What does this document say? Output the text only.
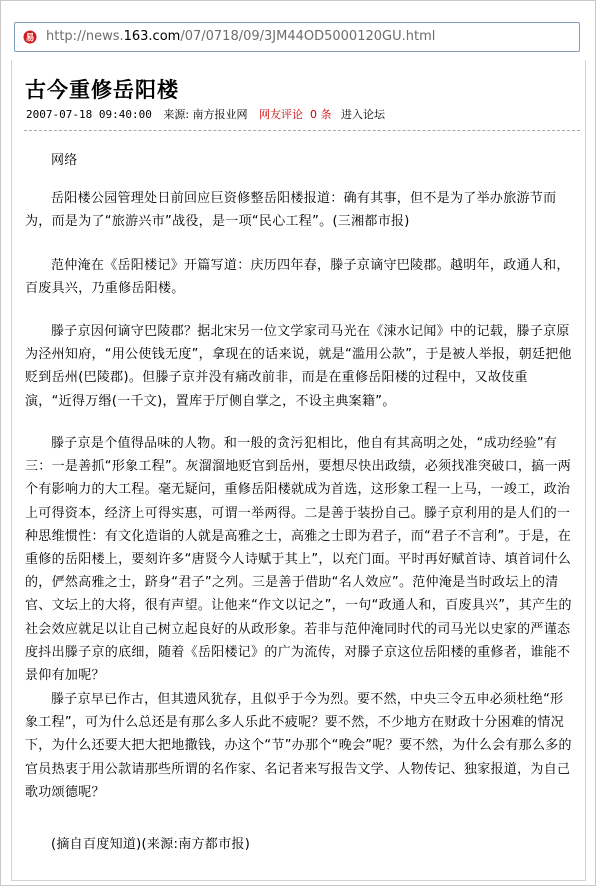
易 http://news.163.com/07/0718/09/3JM44OD5000120GU.html
古今重修岳阳楼
2007-07-18 09:40:00 来源: 南方报业网 网友评论 0 条 进入论坛

网络

岳阳楼公园管理处日前回应巨资修整岳阳楼报道：确有其事，但不是为了举办旅游节而为，而是为了“旅游兴市”战役，是一项“民心工程”。(三湘都市报)

范仲淹在《岳阳楼记》开篇写道：庆历四年春，滕子京谪守巴陵郡。越明年，政通人和，百废具兴，乃重修岳阳楼。

滕子京因何谪守巴陵郡？据北宋另一位文学家司马光在《涑水记闻》中的记载，滕子京原为泾州知府，“用公使钱无度”，拿现在的话来说，就是“滥用公款”，于是被人举报，朝廷把他贬到岳州(巴陵郡)。但滕子京并没有痛改前非，而是在重修岳阳楼的过程中，又故伎重演，“近得万缗(一千文)，置库于厅侧自掌之，不设主典案籍”。

滕子京是个值得品味的人物。和一般的贪污犯相比，他自有其高明之处，“成功经验”有三：一是善抓“形象工程”。灰溜溜地贬官到岳州，要想尽快出政绩，必须找准突破口，搞一两个有影响力的大工程。毫无疑问，重修岳阳楼就成为首选，这形象工程一上马，一竣工，政治上可得资本，经济上可得实惠，可谓一举两得。二是善于装扮自己。滕子京利用的是人们的一种思维惯性：有文化造诣的人就是高雅之士，高雅之士即为君子，而“君子不言利”。于是，在重修的岳阳楼上，要刻许多“唐贤今人诗赋于其上”，以充门面。平时再好赋首诗、填首词什么的，俨然高雅之士，跻身“君子”之列。三是善于借助“名人效应”。范仲淹是当时政坛上的清官、文坛上的大将，很有声望。让他来“作文以记之”，一句“政通人和，百废具兴”，其产生的社会效应就足以让自己树立起良好的从政形象。若非与范仲淹同时代的司马光以史家的严谨态度抖出滕子京的底细，随着《岳阳楼记》的广为流传，对滕子京这位岳阳楼的重修者，谁能不景仰有加呢？

滕子京早已作古，但其遗风犹存，且似乎于今为烈。要不然，中央三令五申必须杜绝“形象工程”，可为什么总还是有那么多人乐此不疲呢？要不然，不少地方在财政十分困难的情况下，为什么还要大把大把地撒钱，办这个“节”办那个“晚会”呢？要不然，为什么会有那么多的官员热衷于用公款请那些所谓的名作家、名记者来写报告文学、人物传记、独家报道，为自己歌功颂德呢？

(摘自百度知道)(来源:南方都市报)
